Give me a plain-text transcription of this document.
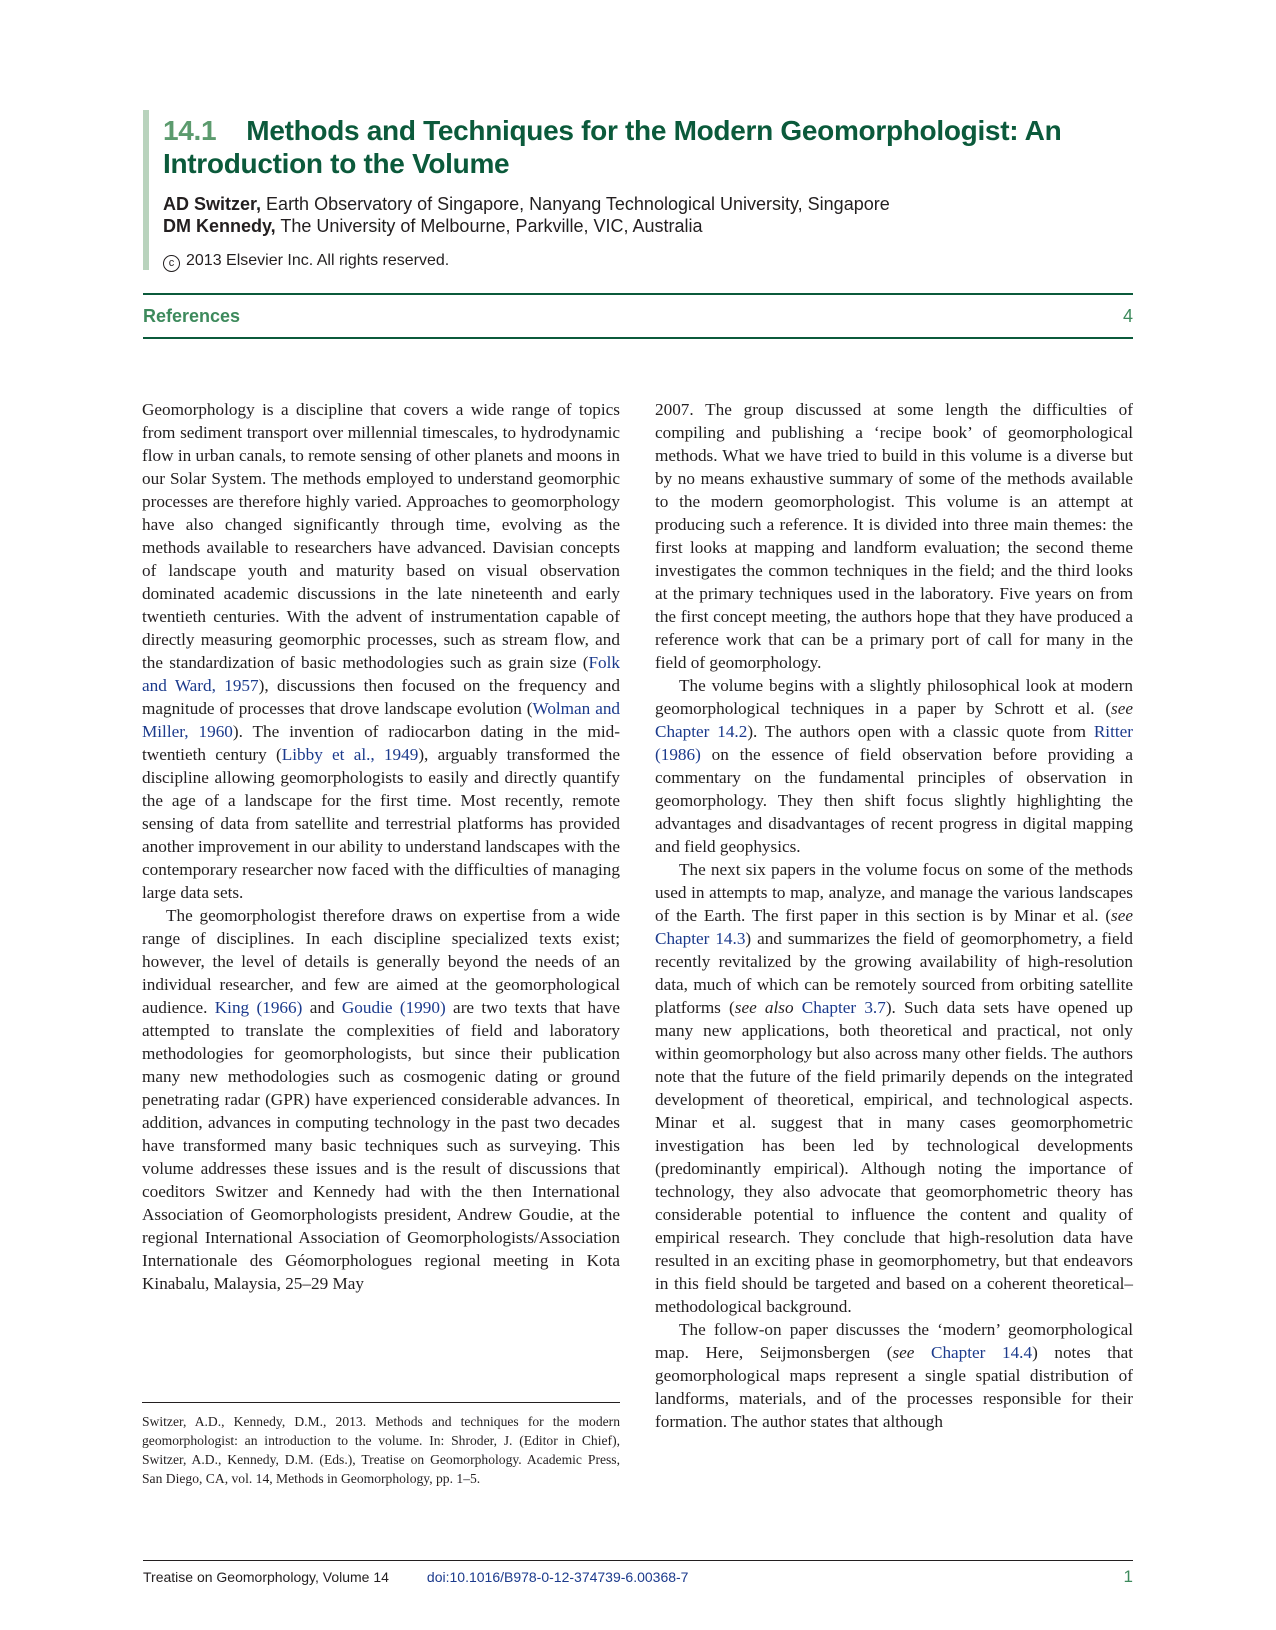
14.1 Methods and Techniques for the Modern Geomorphologist: An Introduction to the Volume
AD Switzer, Earth Observatory of Singapore, Nanyang Technological University, Singapore
DM Kennedy, The University of Melbourne, Parkville, VIC, Australia
c 2013 Elsevier Inc. All rights reserved.
References	4

Geomorphology is a discipline that covers a wide range of topics from sediment transport over millennial timescales, to hydrodynamic flow in urban canals, to remote sensing of other planets and moons in our Solar System. The methods employed to understand geomorphic processes are therefore highly varied. Approaches to geomorphology have also changed significantly through time, evolving as the methods available to researchers have advanced. Davisian concepts of landscape youth and maturity based on visual observation dominated academic discussions in the late nineteenth and early twentieth centuries. With the advent of instrumentation capable of directly measuring geomorphic processes, such as stream flow, and the standardization of basic methodologies such as grain size (Folk and Ward, 1957), discussions then focused on the frequency and magnitude of processes that drove landscape evolution (Wolman and Miller, 1960). The invention of radiocarbon dating in the mid-twentieth century (Libby et al., 1949), arguably transformed the discipline allowing geomorphologists to easily and directly quantify the age of a landscape for the first time. Most recently, remote sensing of data from satellite and terrestrial platforms has provided another improvement in our ability to understand landscapes with the contemporary researcher now faced with the difficulties of managing large data sets.

The geomorphologist therefore draws on expertise from a wide range of disciplines. In each discipline specialized texts exist; however, the level of details is generally beyond the needs of an individual researcher, and few are aimed at the geomorphological audience. King (1966) and Goudie (1990) are two texts that have attempted to translate the complexities of field and laboratory methodologies for geomorphologists, but since their publication many new methodologies such as cosmogenic dating or ground penetrating radar (GPR) have experienced considerable advances. In addition, advances in computing technology in the past two decades have transformed many basic techniques such as surveying. This volume addresses these issues and is the result of discussions that coeditors Switzer and Kennedy had with the then International Association of Geomorphologists president, Andrew Goudie, at the regional International Association of Geomorphologists/Association Internationale des Géomorphologues regional meeting in Kota Kinabalu, Malaysia, 25–29 May

2007. The group discussed at some length the difficulties of compiling and publishing a ‘recipe book’ of geomorphological methods. What we have tried to build in this volume is a diverse but by no means exhaustive summary of some of the methods available to the modern geomorphologist. This volume is an attempt at producing such a reference. It is divided into three main themes: the first looks at mapping and landform evaluation; the second theme investigates the common techniques in the field; and the third looks at the primary techniques used in the laboratory. Five years on from the first concept meeting, the authors hope that they have produced a reference work that can be a primary port of call for many in the field of geomorphology.

The volume begins with a slightly philosophical look at modern geomorphological techniques in a paper by Schrott et al. (see Chapter 14.2). The authors open with a classic quote from Ritter (1986) on the essence of field observation before providing a commentary on the fundamental principles of observation in geomorphology. They then shift focus slightly highlighting the advantages and disadvantages of recent progress in digital mapping and field geophysics.

The next six papers in the volume focus on some of the methods used in attempts to map, analyze, and manage the various landscapes of the Earth. The first paper in this section is by Minar et al. (see Chapter 14.3) and summarizes the field of geomorphometry, a field recently revitalized by the growing availability of high-resolution data, much of which can be remotely sourced from orbiting satellite platforms (see also Chapter 3.7). Such data sets have opened up many new applications, both theoretical and practical, not only within geomorphology but also across many other fields. The authors note that the future of the field primarily depends on the integrated development of theoretical, empirical, and technological aspects. Minar et al. suggest that in many cases geomorphometric investigation has been led by technological developments (predominantly empirical). Although noting the importance of technology, they also advocate that geomorphometric theory has considerable potential to influence the content and quality of empirical research. They conclude that high-resolution data have resulted in an exciting phase in geomorphometry, but that endeavors in this field should be targeted and based on a coherent theoretical–methodological background.

The follow-on paper discusses the ‘modern’ geomorphological map. Here, Seijmonsbergen (see Chapter 14.4) notes that geomorphological maps represent a single spatial distribution of landforms, materials, and of the processes responsible for their formation. The author states that although

Switzer, A.D., Kennedy, D.M., 2013. Methods and techniques for the modern geomorphologist: an introduction to the volume. In: Shroder, J. (Editor in Chief), Switzer, A.D., Kennedy, D.M. (Eds.), Treatise on Geomorphology. Academic Press, San Diego, CA, vol. 14, Methods in Geomorphology, pp. 1–5.
Treatise on Geomorphology, Volume 14	doi:10.1016/B978-0-12-374739-6.00368-7	1
